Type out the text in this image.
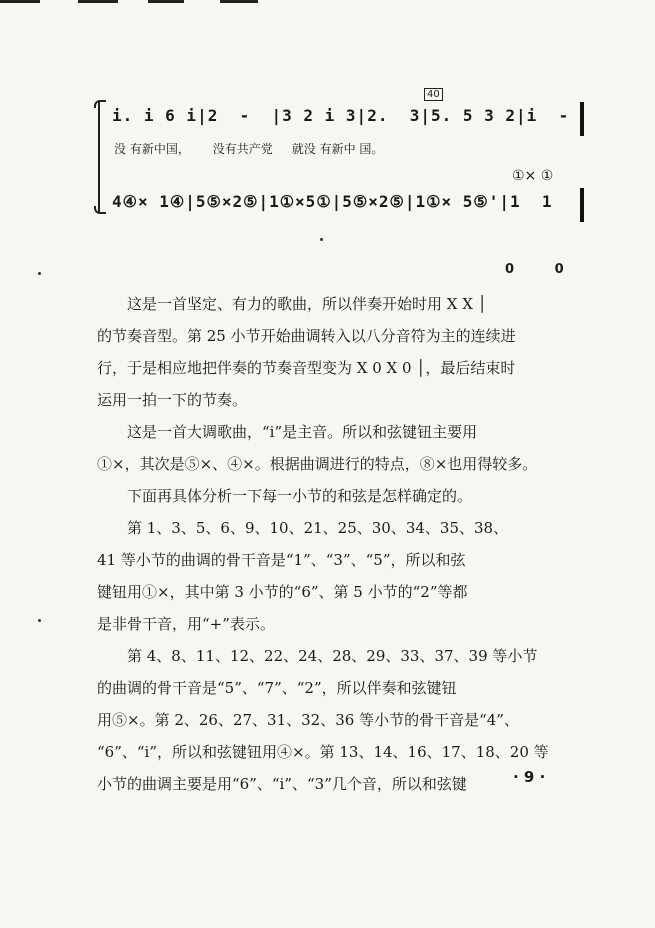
40
i. i 6 i|2  -  |3 2 i 3|2.  3|5. 5 3 2|i  -
没 有新中国，      没有共产党     就没 有新中 国。
①× ①
4④× 1④|5⑤×2⑤|1①×5①|5⑤×2⑤|1①× 5⑤'|1  1
0 0

这是一首坚定、有力的歌曲，所以伴奏开始时用 X X │

的节奏音型。第 25 小节开始曲调转入以八分音符为主的连续进

行，于是相应地把伴奏的节奏音型变为 X 0 X 0 │，最后结束时

运用一拍一下的节奏。

这是一首大调歌曲，“i”是主音。所以和弦键钮主要用

①×，其次是⑤×、④×。根据曲调进行的特点，⑧×也用得较多。

下面再具体分析一下每一小节的和弦是怎样确定的。

第 1、3、5、6、9、10、21、25、30、34、35、38、

41 等小节的曲调的骨干音是“1”、“3”、“5”，所以和弦

键钮用①×，其中第 3 小节的“6”、第 5 小节的“2”等都

是非骨干音，用“+”表示。

第 4、8、11、12、22、24、28、29、33、37、39 等小节

的曲调的骨干音是“5”、“7”、“2”，所以伴奏和弦键钮

用⑤×。第 2、26、27、31、32、36 等小节的骨干音是“4”、

“6”、“i”，所以和弦键钮用④×。第 13、14、16、17、18、20 等

小节的曲调主要是用“6”、“i”、“3”几个音，所以和弦键	· 9 ·
